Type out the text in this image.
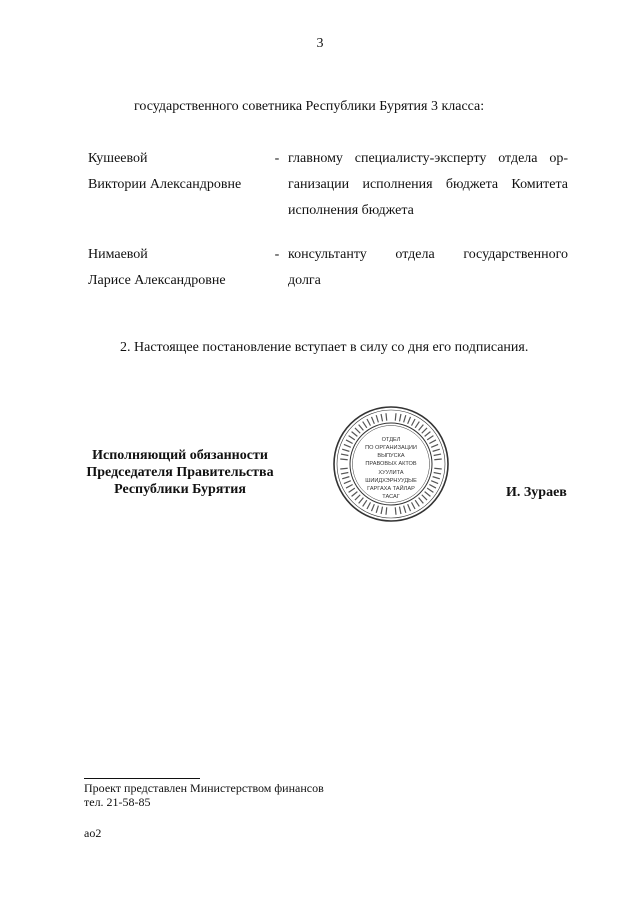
3
государственного советника Республики Бурятия 3 класса:
Кушеевой
Виктории Александровне
- главному специалисту-эксперту отдела ор-
ганизации исполнения бюджета Комитета
исполнения бюджета
Нимаевой
Ларисе Александровне
- консультанту отдела государственного
долга
2. Настоящее постановление вступает в силу со дня его подписания.
Исполняющий обязанности
Председателя Правительства
Республики Бурятия
ОТДЕЛ
ПО ОРГАНИЗАЦИИ
ВЫПУСКА
ПРАВОВЫХ АКТОВ
ХУУЛИТА
ШИИДХЭРНУУДЫЕ
ГАРГАХА ТАЙЛАР
ТАСАГ	И. Зураев
Проект представлен Министерством финансов
тел. 21-58-85
ао2
